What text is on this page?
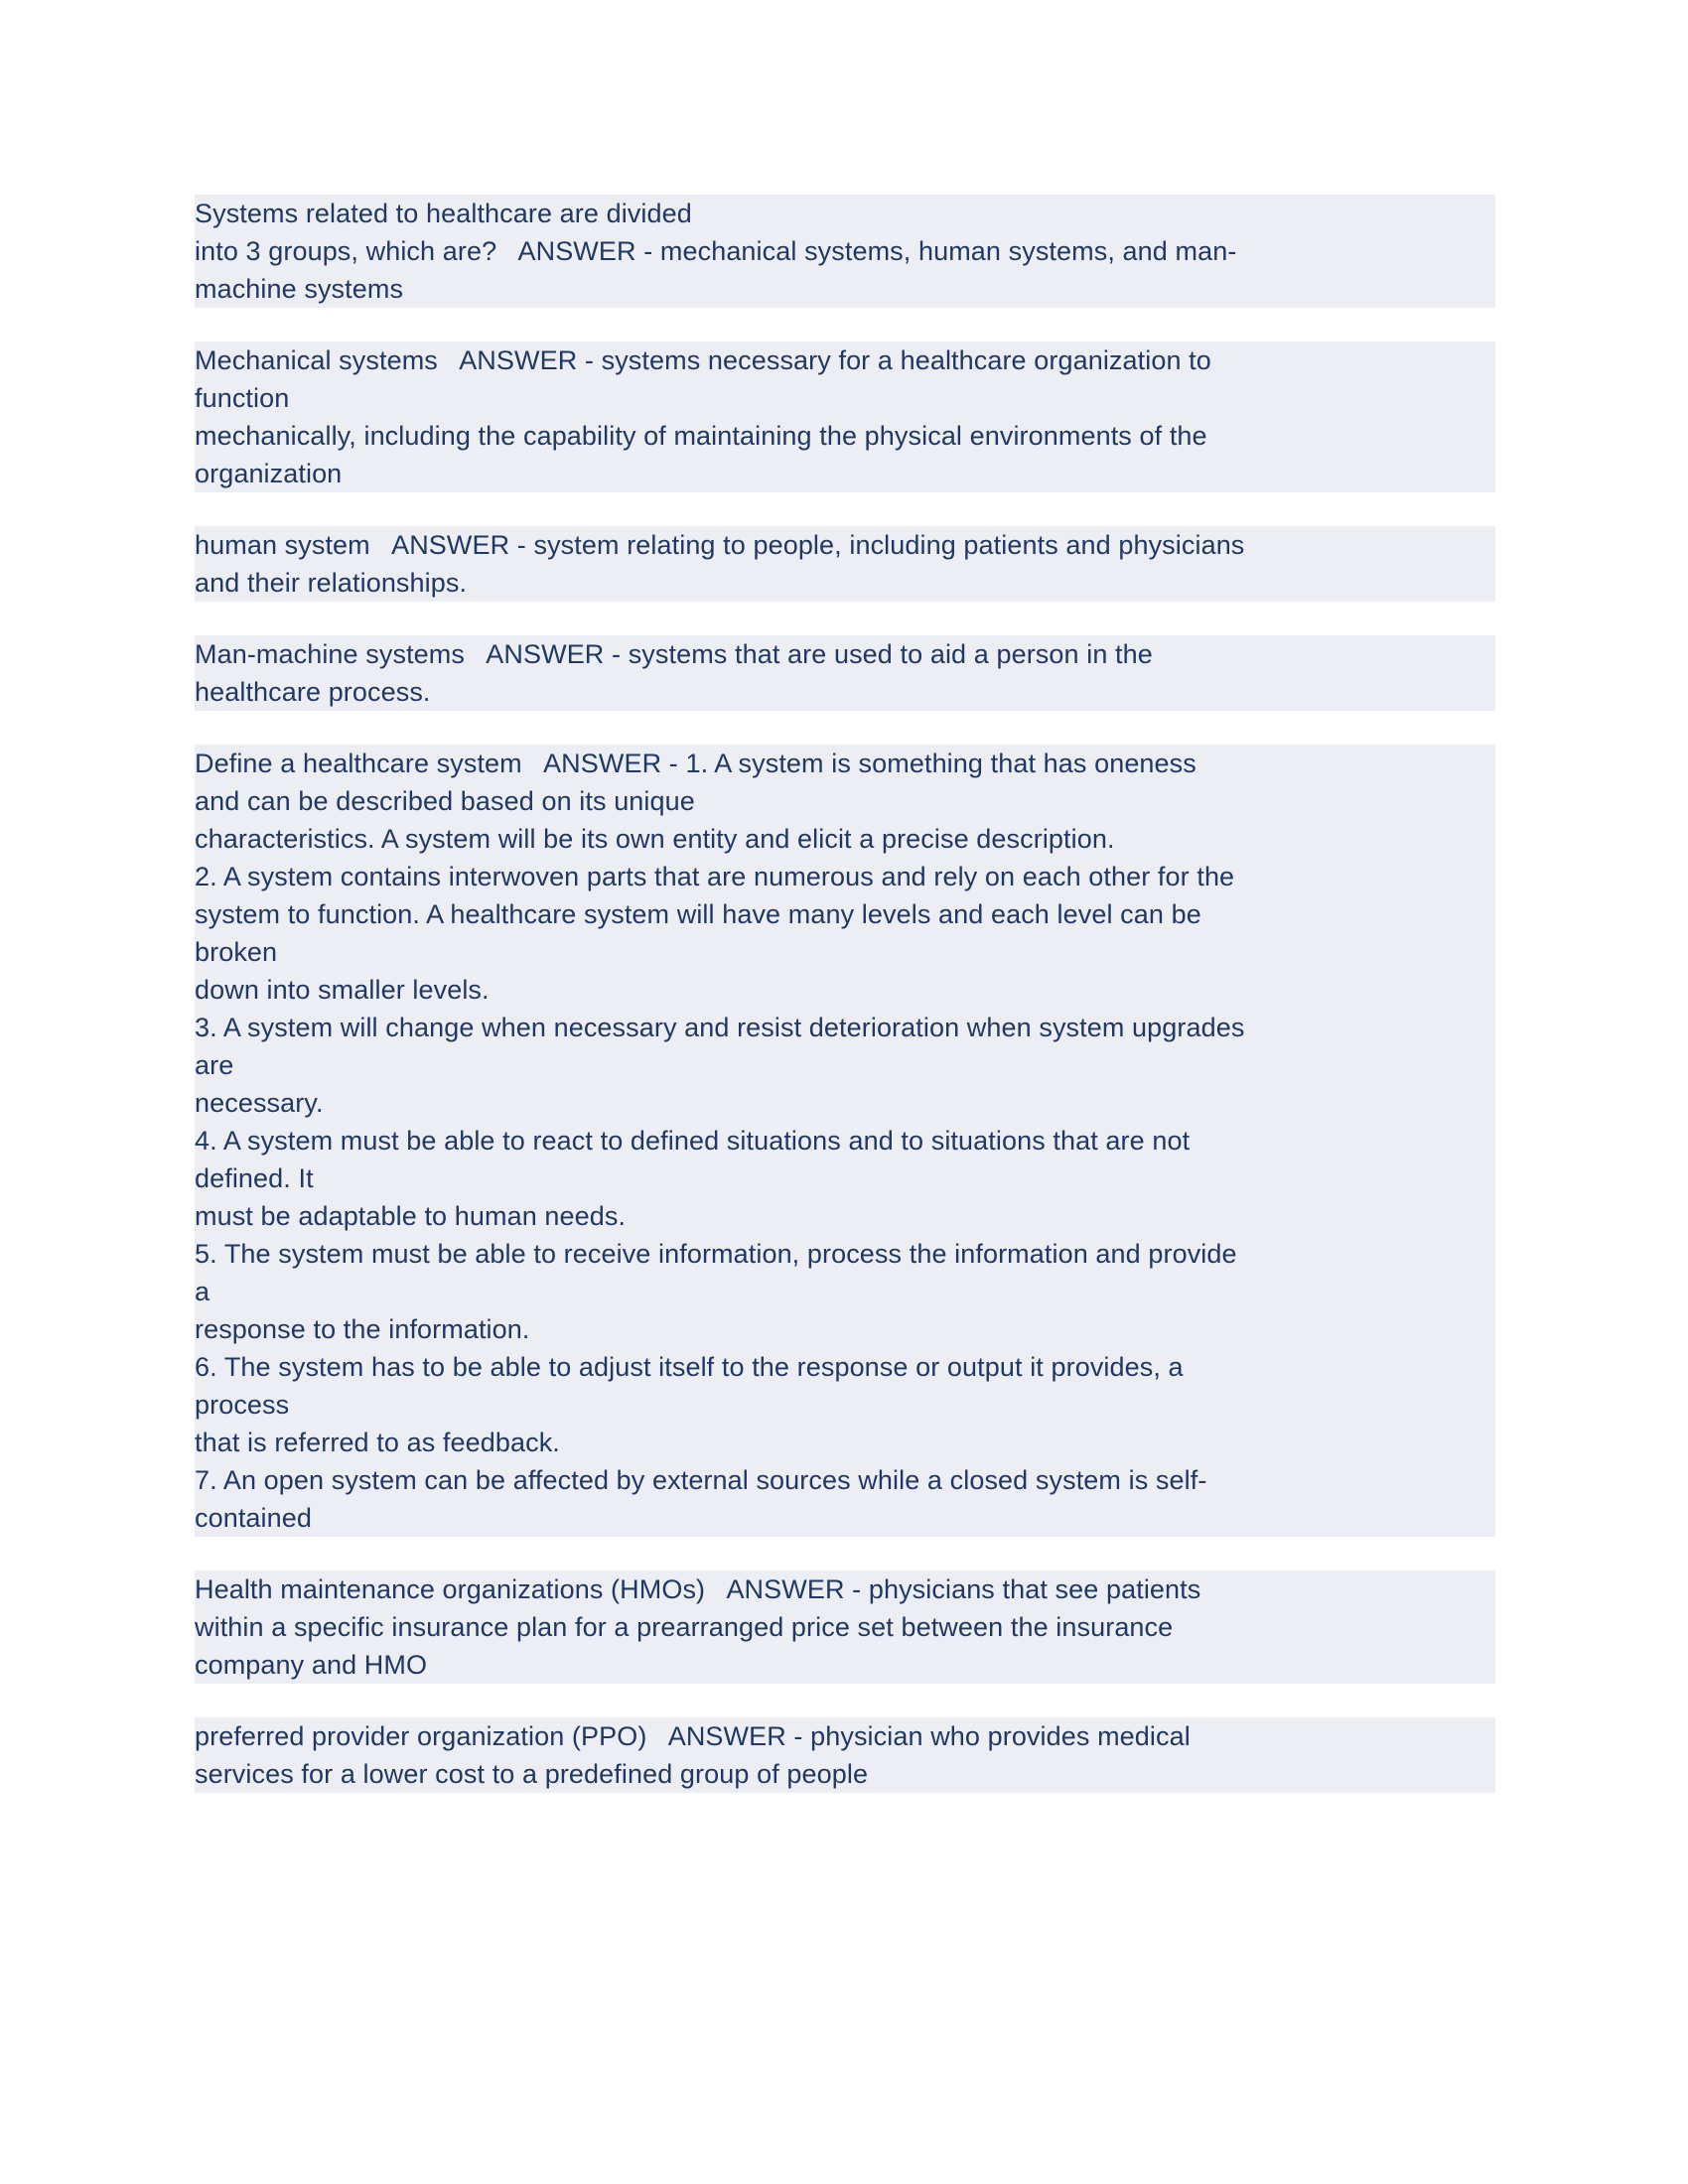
Systems related to healthcare are divided
into 3 groups, which are?   ANSWER - mechanical systems, human systems, and man-
machine systems
Mechanical systems   ANSWER - systems necessary for a healthcare organization to
function
mechanically, including the capability of maintaining the physical environments of the
organization
human system   ANSWER - system relating to people, including patients and physicians
and their relationships.
Man-machine systems   ANSWER - systems that are used to aid a person in the
healthcare process.
Define a healthcare system   ANSWER - 1. A system is something that has oneness
and can be described based on its unique
characteristics. A system will be its own entity and elicit a precise description.
2. A system contains interwoven parts that are numerous and rely on each other for the
system to function. A healthcare system will have many levels and each level can be
broken
down into smaller levels.
3. A system will change when necessary and resist deterioration when system upgrades
are
necessary.
4. A system must be able to react to defined situations and to situations that are not
defined. It
must be adaptable to human needs.
5. The system must be able to receive information, process the information and provide
a
response to the information.
6. The system has to be able to adjust itself to the response or output it provides, a
process
that is referred to as feedback.
7. An open system can be affected by external sources while a closed system is self-
contained
Health maintenance organizations (HMOs)   ANSWER - physicians that see patients
within a specific insurance plan for a prearranged price set between the insurance
company and HMO
preferred provider organization (PPO)   ANSWER - physician who provides medical
services for a lower cost to a predefined group of people
